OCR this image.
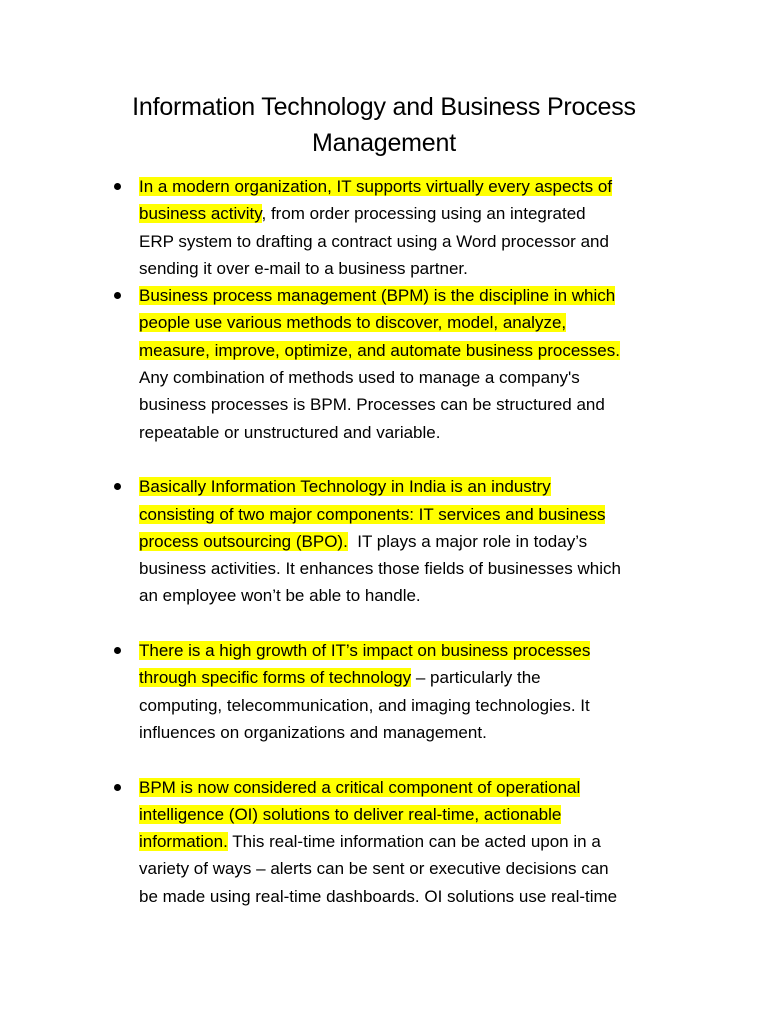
Information Technology and Business Process
Management
In a modern organization, IT supports virtually every aspects of
business activity, from order processing using an integrated
ERP system to drafting a contract using a Word processor and
sending it over e-mail to a business partner.
Business process management (BPM) is the discipline in which
people use various methods to discover, model, analyze,
measure, improve, optimize, and automate business processes.
Any combination of methods used to manage a company's
business processes is BPM. Processes can be structured and
repeatable or unstructured and variable.
Basically Information Technology in India is an industry
consisting of two major components: IT services and business
process outsourcing (BPO).  IT plays a major role in today’s
business activities. It enhances those fields of businesses which
an employee won’t be able to handle.
There is a high growth of IT’s impact on business processes
through specific forms of technology – particularly the
computing, telecommunication, and imaging technologies. It
influences on organizations and management.
BPM is now considered a critical component of operational
intelligence (OI) solutions to deliver real-time, actionable
information. This real-time information can be acted upon in a
variety of ways – alerts can be sent or executive decisions can
be made using real-time dashboards. OI solutions use real-time
